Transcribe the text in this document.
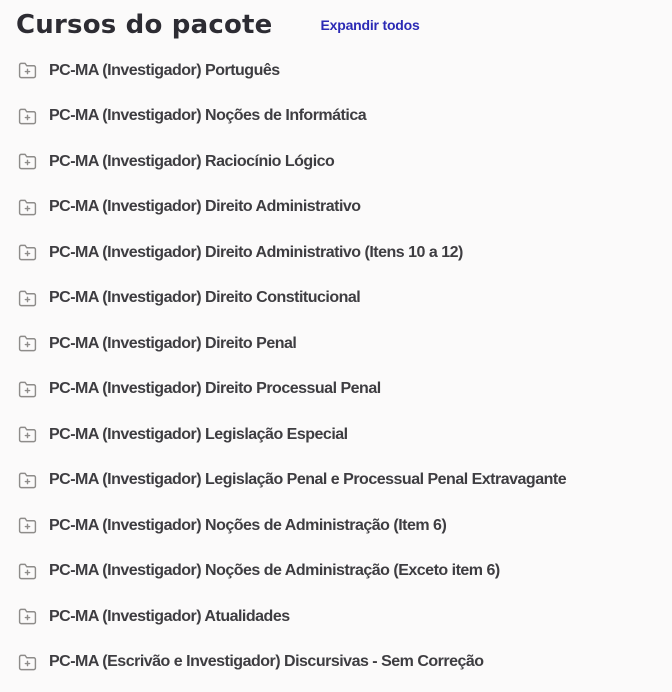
Cursos do pacote	Expandir todos
PC-MA (Investigador) Português
PC-MA (Investigador) Noções de Informática
PC-MA (Investigador) Raciocínio Lógico
PC-MA (Investigador) Direito Administrativo
PC-MA (Investigador) Direito Administrativo (Itens 10 a 12)
PC-MA (Investigador) Direito Constitucional
PC-MA (Investigador) Direito Penal
PC-MA (Investigador) Direito Processual Penal
PC-MA (Investigador) Legislação Especial
PC-MA (Investigador) Legislação Penal e Processual Penal Extravagante
PC-MA (Investigador) Noções de Administração (Item 6)
PC-MA (Investigador) Noções de Administração (Exceto item 6)
PC-MA (Investigador) Atualidades
PC-MA (Escrivão e Investigador) Discursivas - Sem Correção
